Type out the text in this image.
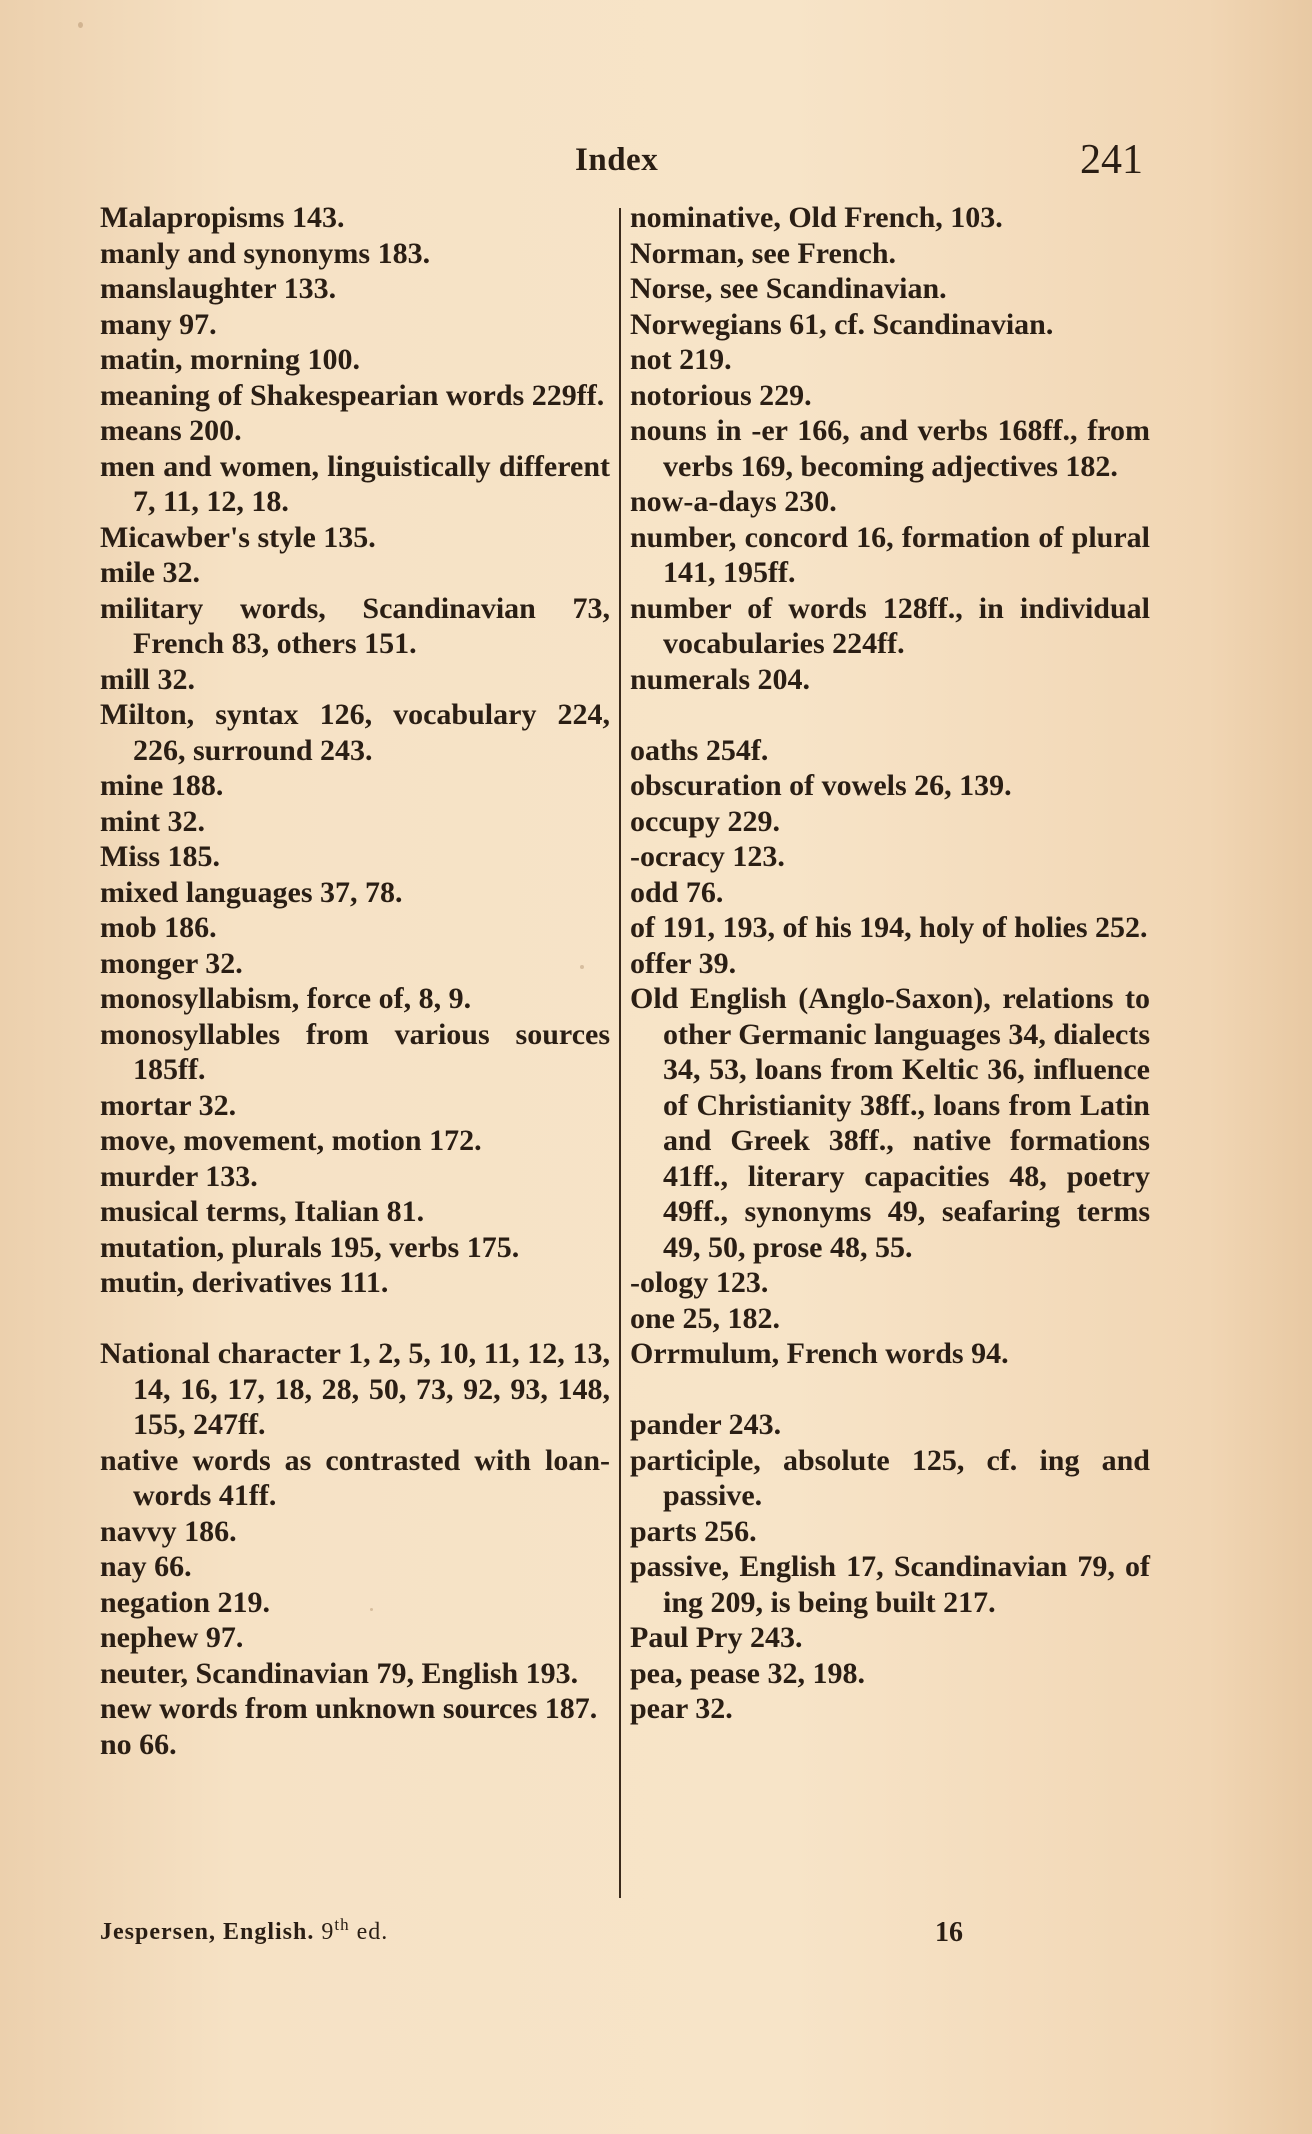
Index	241
Malapropisms 143.
manly and synonyms 183.
manslaughter 133.
many 97.
matin, morning 100.
meaning of Shakespearian words 229ff.
means 200.
men and women, linguistically different 7, 11, 12, 18.
Micawber's style 135.
mile 32.
military words, Scandinavian 73, French 83, others 151.
mill 32.
Milton, syntax 126, vocabulary 224, 226, surround 243.
mine 188.
mint 32.
Miss 185.
mixed languages 37, 78.
mob 186.
monger 32.
monosyllabism, force of, 8, 9.
monosyllables from various sources 185ff.
mortar 32.
move, movement, motion 172.
murder 133.
musical terms, Italian 81.
mutation, plurals 195, verbs 175.
mutin, derivatives 111.
National character 1, 2, 5, 10, 11, 12, 13, 14, 16, 17, 18, 28, 50, 73, 92, 93, 148, 155, 247ff.
native words as contrasted with loan-words 41ff.
navvy 186.
nay 66.
negation 219.
nephew 97.
neuter, Scandinavian 79, English 193.
new words from unknown sources 187.
no 66.
nominative, Old French, 103.
Norman, see French.
Norse, see Scandinavian.
Norwegians 61, cf. Scandinavian.
not 219.
notorious 229.
nouns in -er 166, and verbs 168ff., from verbs 169, becoming adjectives 182.
now-a-days 230.
number, concord 16, formation of plural 141, 195ff.
number of words 128ff., in individual vocabularies 224ff.
numerals 204.
oaths 254f.
obscuration of vowels 26, 139.
occupy 229.
-ocracy 123.
odd 76.
of 191, 193, of his 194, holy of holies 252.
offer 39.
Old English (Anglo-Saxon), relations to other Germanic languages 34, dialects 34, 53, loans from Keltic 36, influence of Christianity 38ff., loans from Latin and Greek 38ff., native formations 41ff., literary capacities 48, poetry 49ff., synonyms 49, seafaring terms 49, 50, prose 48, 55.
-ology 123.
one 25, 182.
Orrmulum, French words 94.
pander 243.
participle, absolute 125, cf. ing and passive.
parts 256.
passive, English 17, Scandinavian 79, of ing 209, is being built 217.
Paul Pry 243.
pea, pease 32, 198.
pear 32.
Jespersen, English. 9th ed.	16
